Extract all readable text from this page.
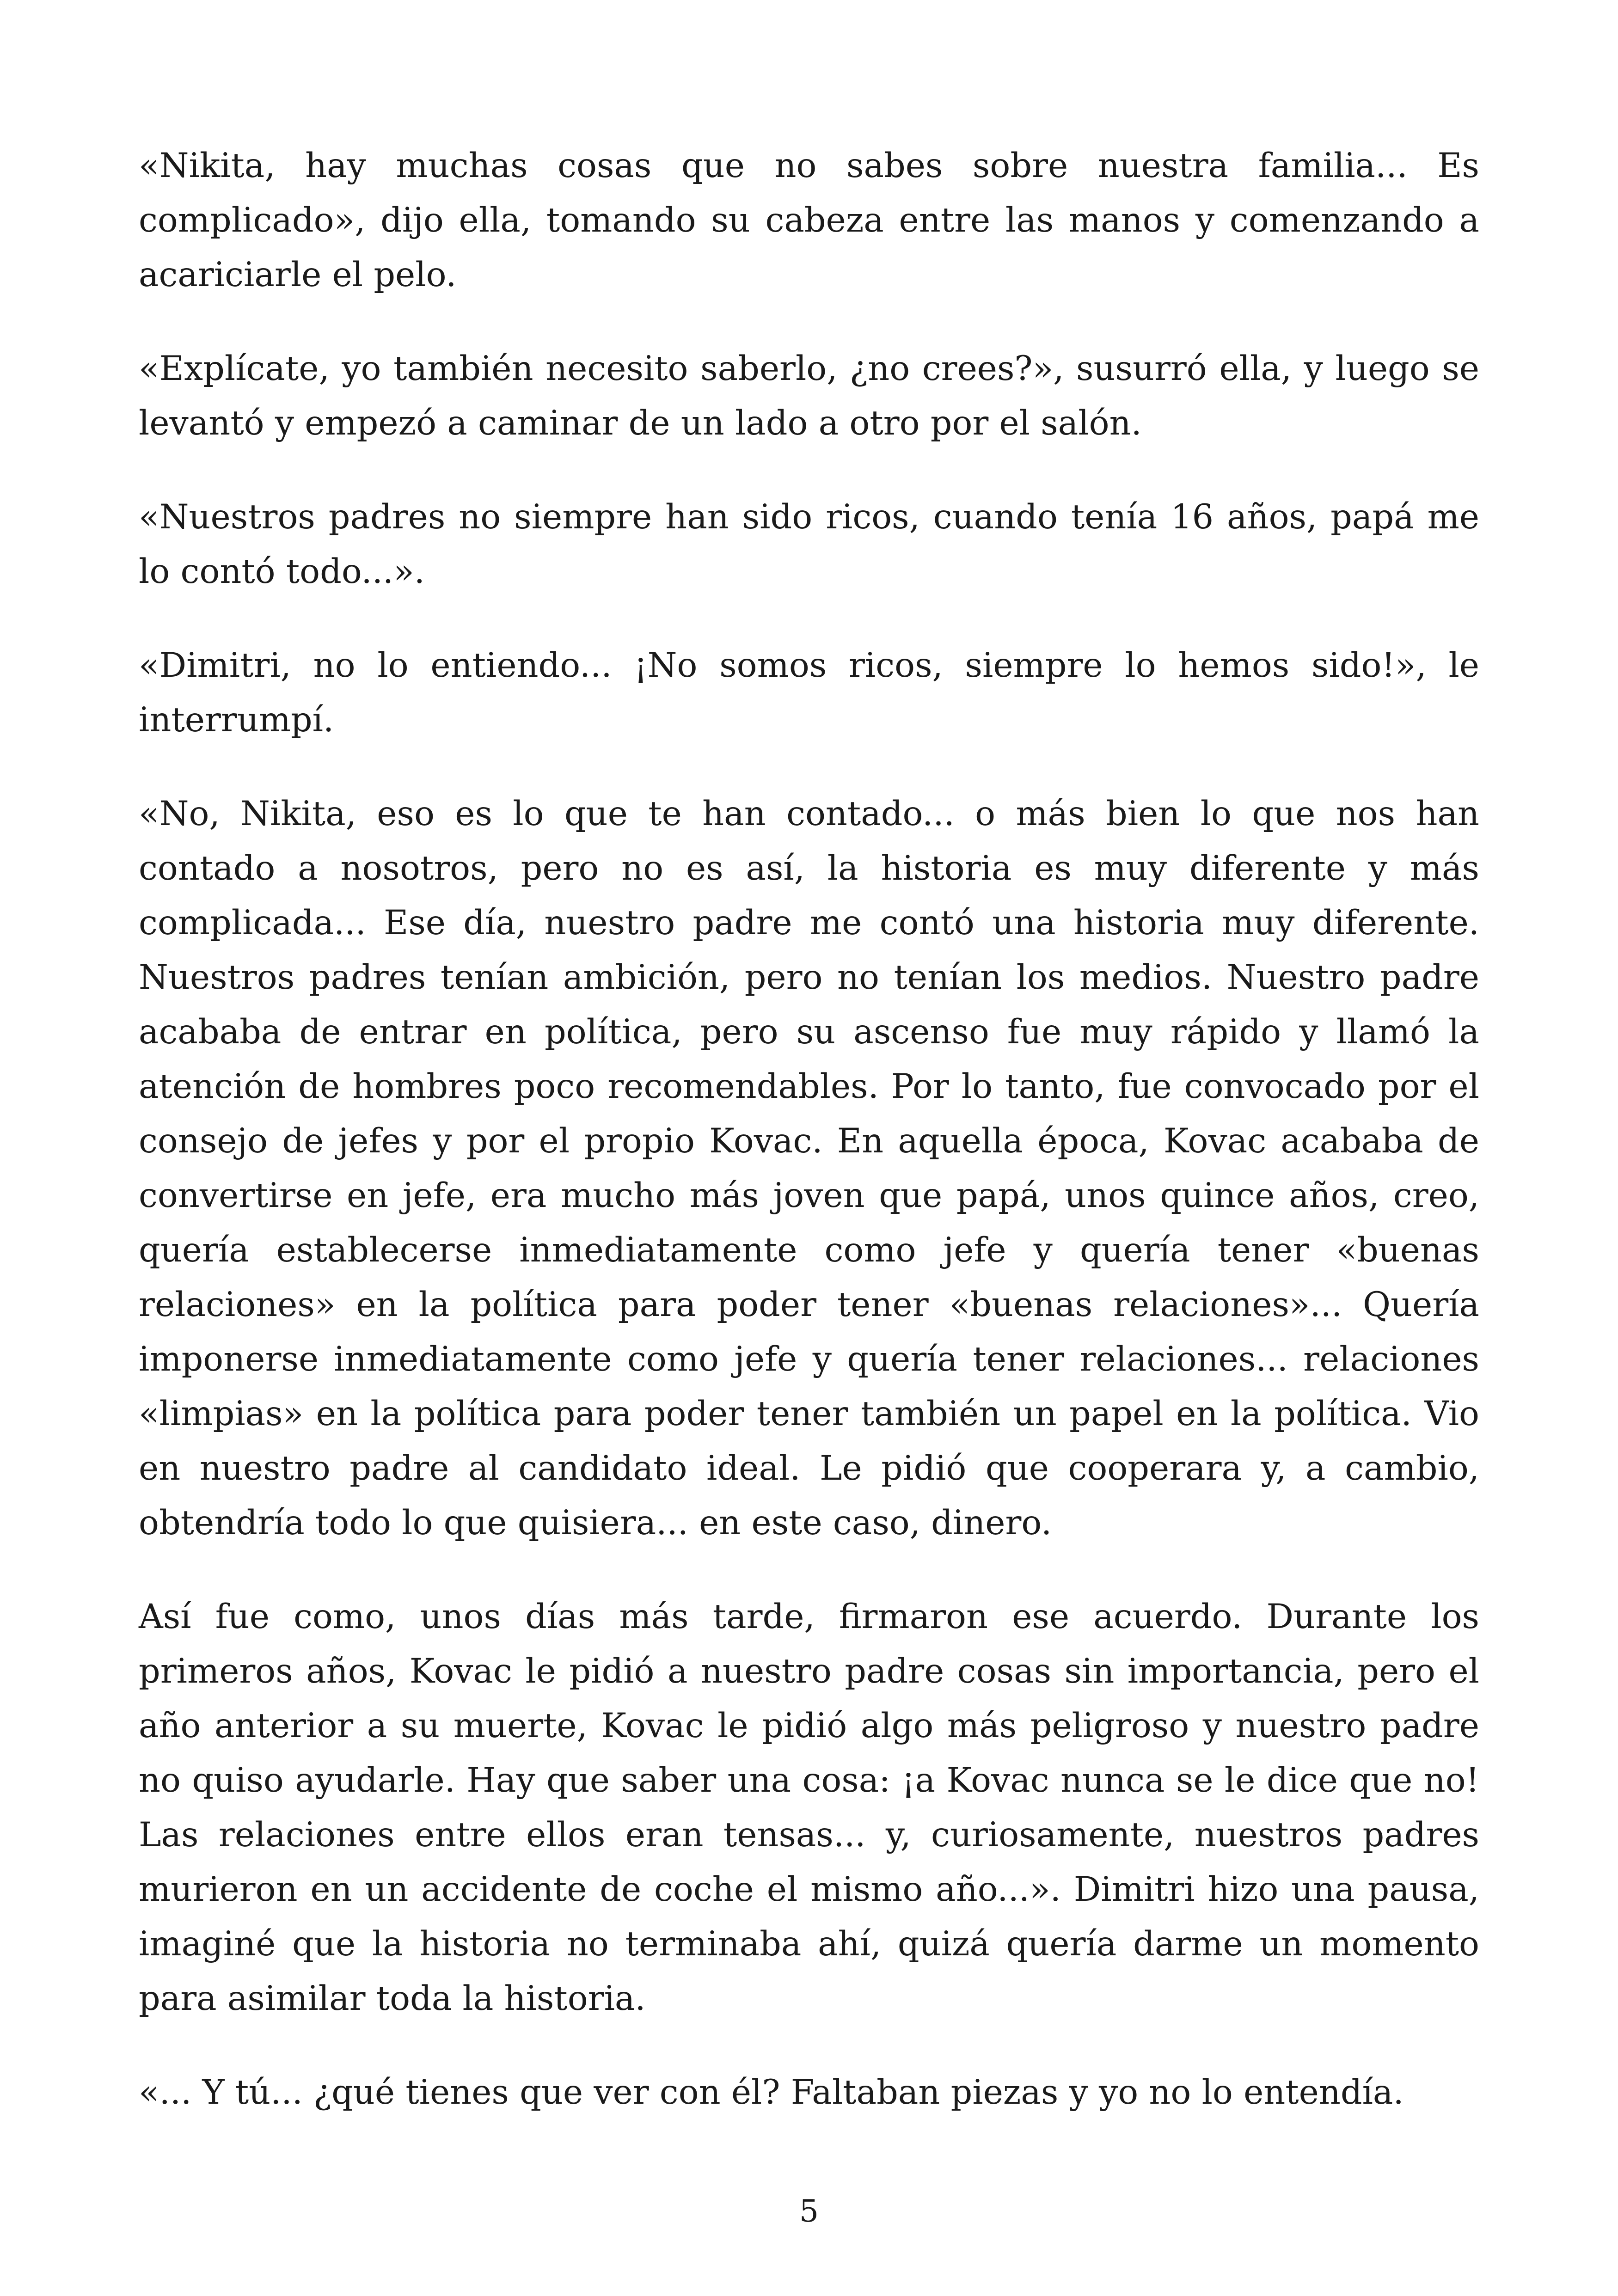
«Nikita, hay muchas cosas que no sabes sobre nuestra familia... Es complicado», dijo ella, tomando su cabeza entre las manos y comenzando a acariciarle el pelo.

«Explícate, yo también necesito saberlo, ¿no crees?», susurró ella, y luego se levantó y empezó a caminar de un lado a otro por el salón.

«Nuestros padres no siempre han sido ricos, cuando tenía 16 años, papá me lo contó todo...».

«Dimitri, no lo entiendo... ¡No somos ricos, siempre lo hemos sido!», le interrumpí.

«No, Nikita, eso es lo que te han contado... o más bien lo que nos han contado a nosotros, pero no es así, la historia es muy diferente y más complicada... Ese día, nuestro padre me contó una historia muy diferente. Nuestros padres tenían ambición, pero no tenían los medios. Nuestro padre acababa de entrar en política, pero su ascenso fue muy rápido y llamó la atención de hombres poco recomendables. Por lo tanto, fue convocado por el consejo de jefes y por el propio Kovac. En aquella época, Kovac acababa de convertirse en jefe, era mucho más joven que papá, unos quince años, creo, quería establecerse inmediatamente como jefe y quería tener «buenas relaciones» en la política para poder tener «buenas relaciones»... Quería imponerse inmediatamente como jefe y quería tener relaciones... relaciones «limpias» en la política para poder tener también un papel en la política. Vio en nuestro padre al candidato ideal. Le pidió que cooperara y, a cambio, obtendría todo lo que quisiera... en este caso, dinero.

Así fue como, unos días más tarde, firmaron ese acuerdo. Durante los primeros años, Kovac le pidió a nuestro padre cosas sin importancia, pero el año anterior a su muerte, Kovac le pidió algo más peligroso y nuestro padre no quiso ayudarle. Hay que saber una cosa: ¡a Kovac nunca se le dice que no! Las relaciones entre ellos eran tensas... y, curiosamente, nuestros padres murieron en un accidente de coche el mismo año...». Dimitri hizo una pausa, imaginé que la historia no terminaba ahí, quizá quería darme un momento para asimilar toda la historia.

«... Y tú... ¿qué tienes que ver con él? Faltaban piezas y yo no lo entendía.

5
